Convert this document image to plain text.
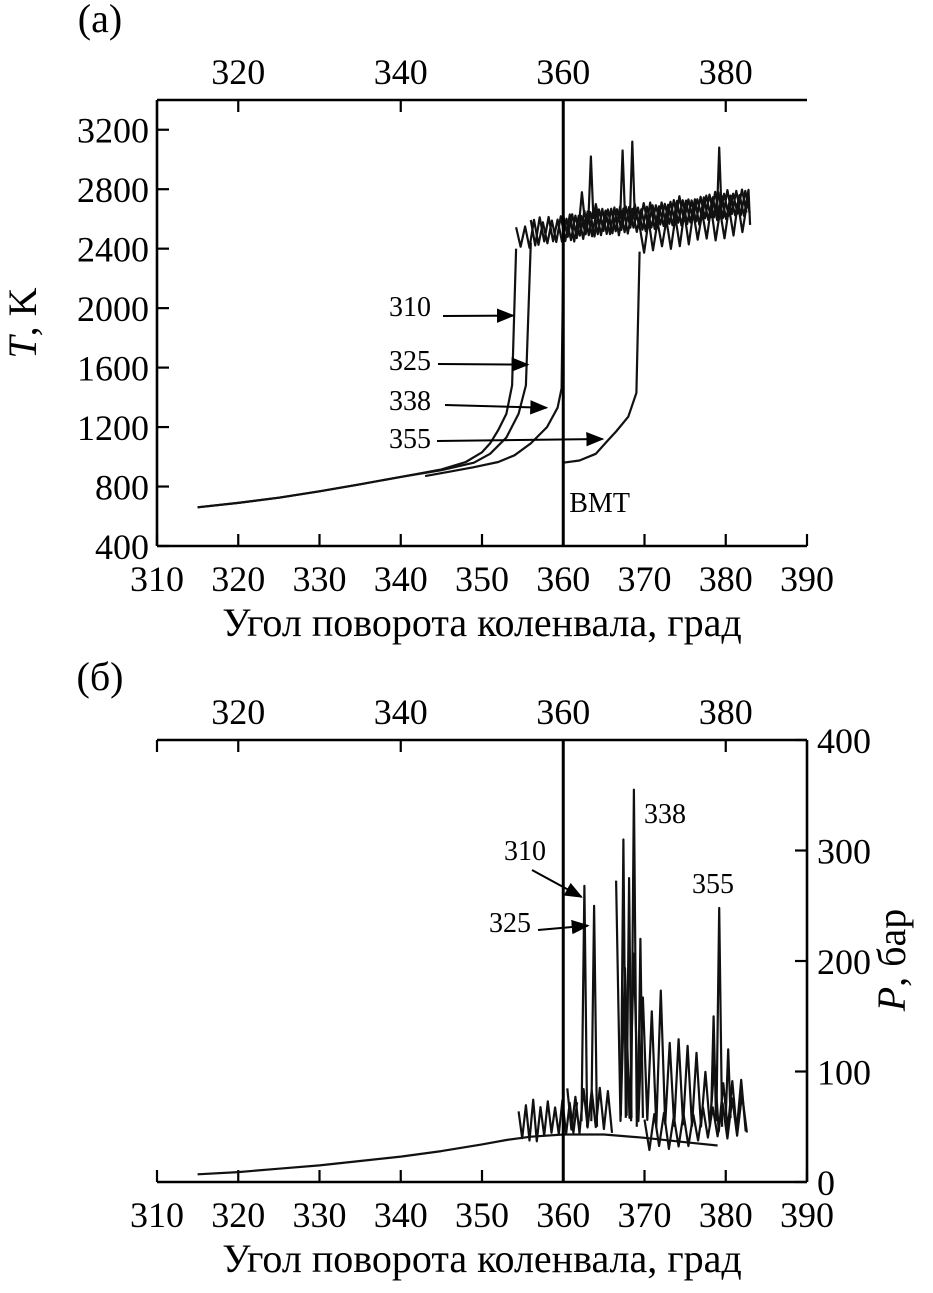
(a)
310 320 330 340 350 360 370 380 390
320	340	360	380
400
800
1200
1600
2000
2400
2800
3200
Угол поворота коленвала, град
T, K
ВМТ
310
325
338
355
(б)
310 320 330 340 350 360 370 380 390
320	340	360	380
0
100
200
300
400
Угол поворота коленвала, град
P, бар
310
325
338
355
